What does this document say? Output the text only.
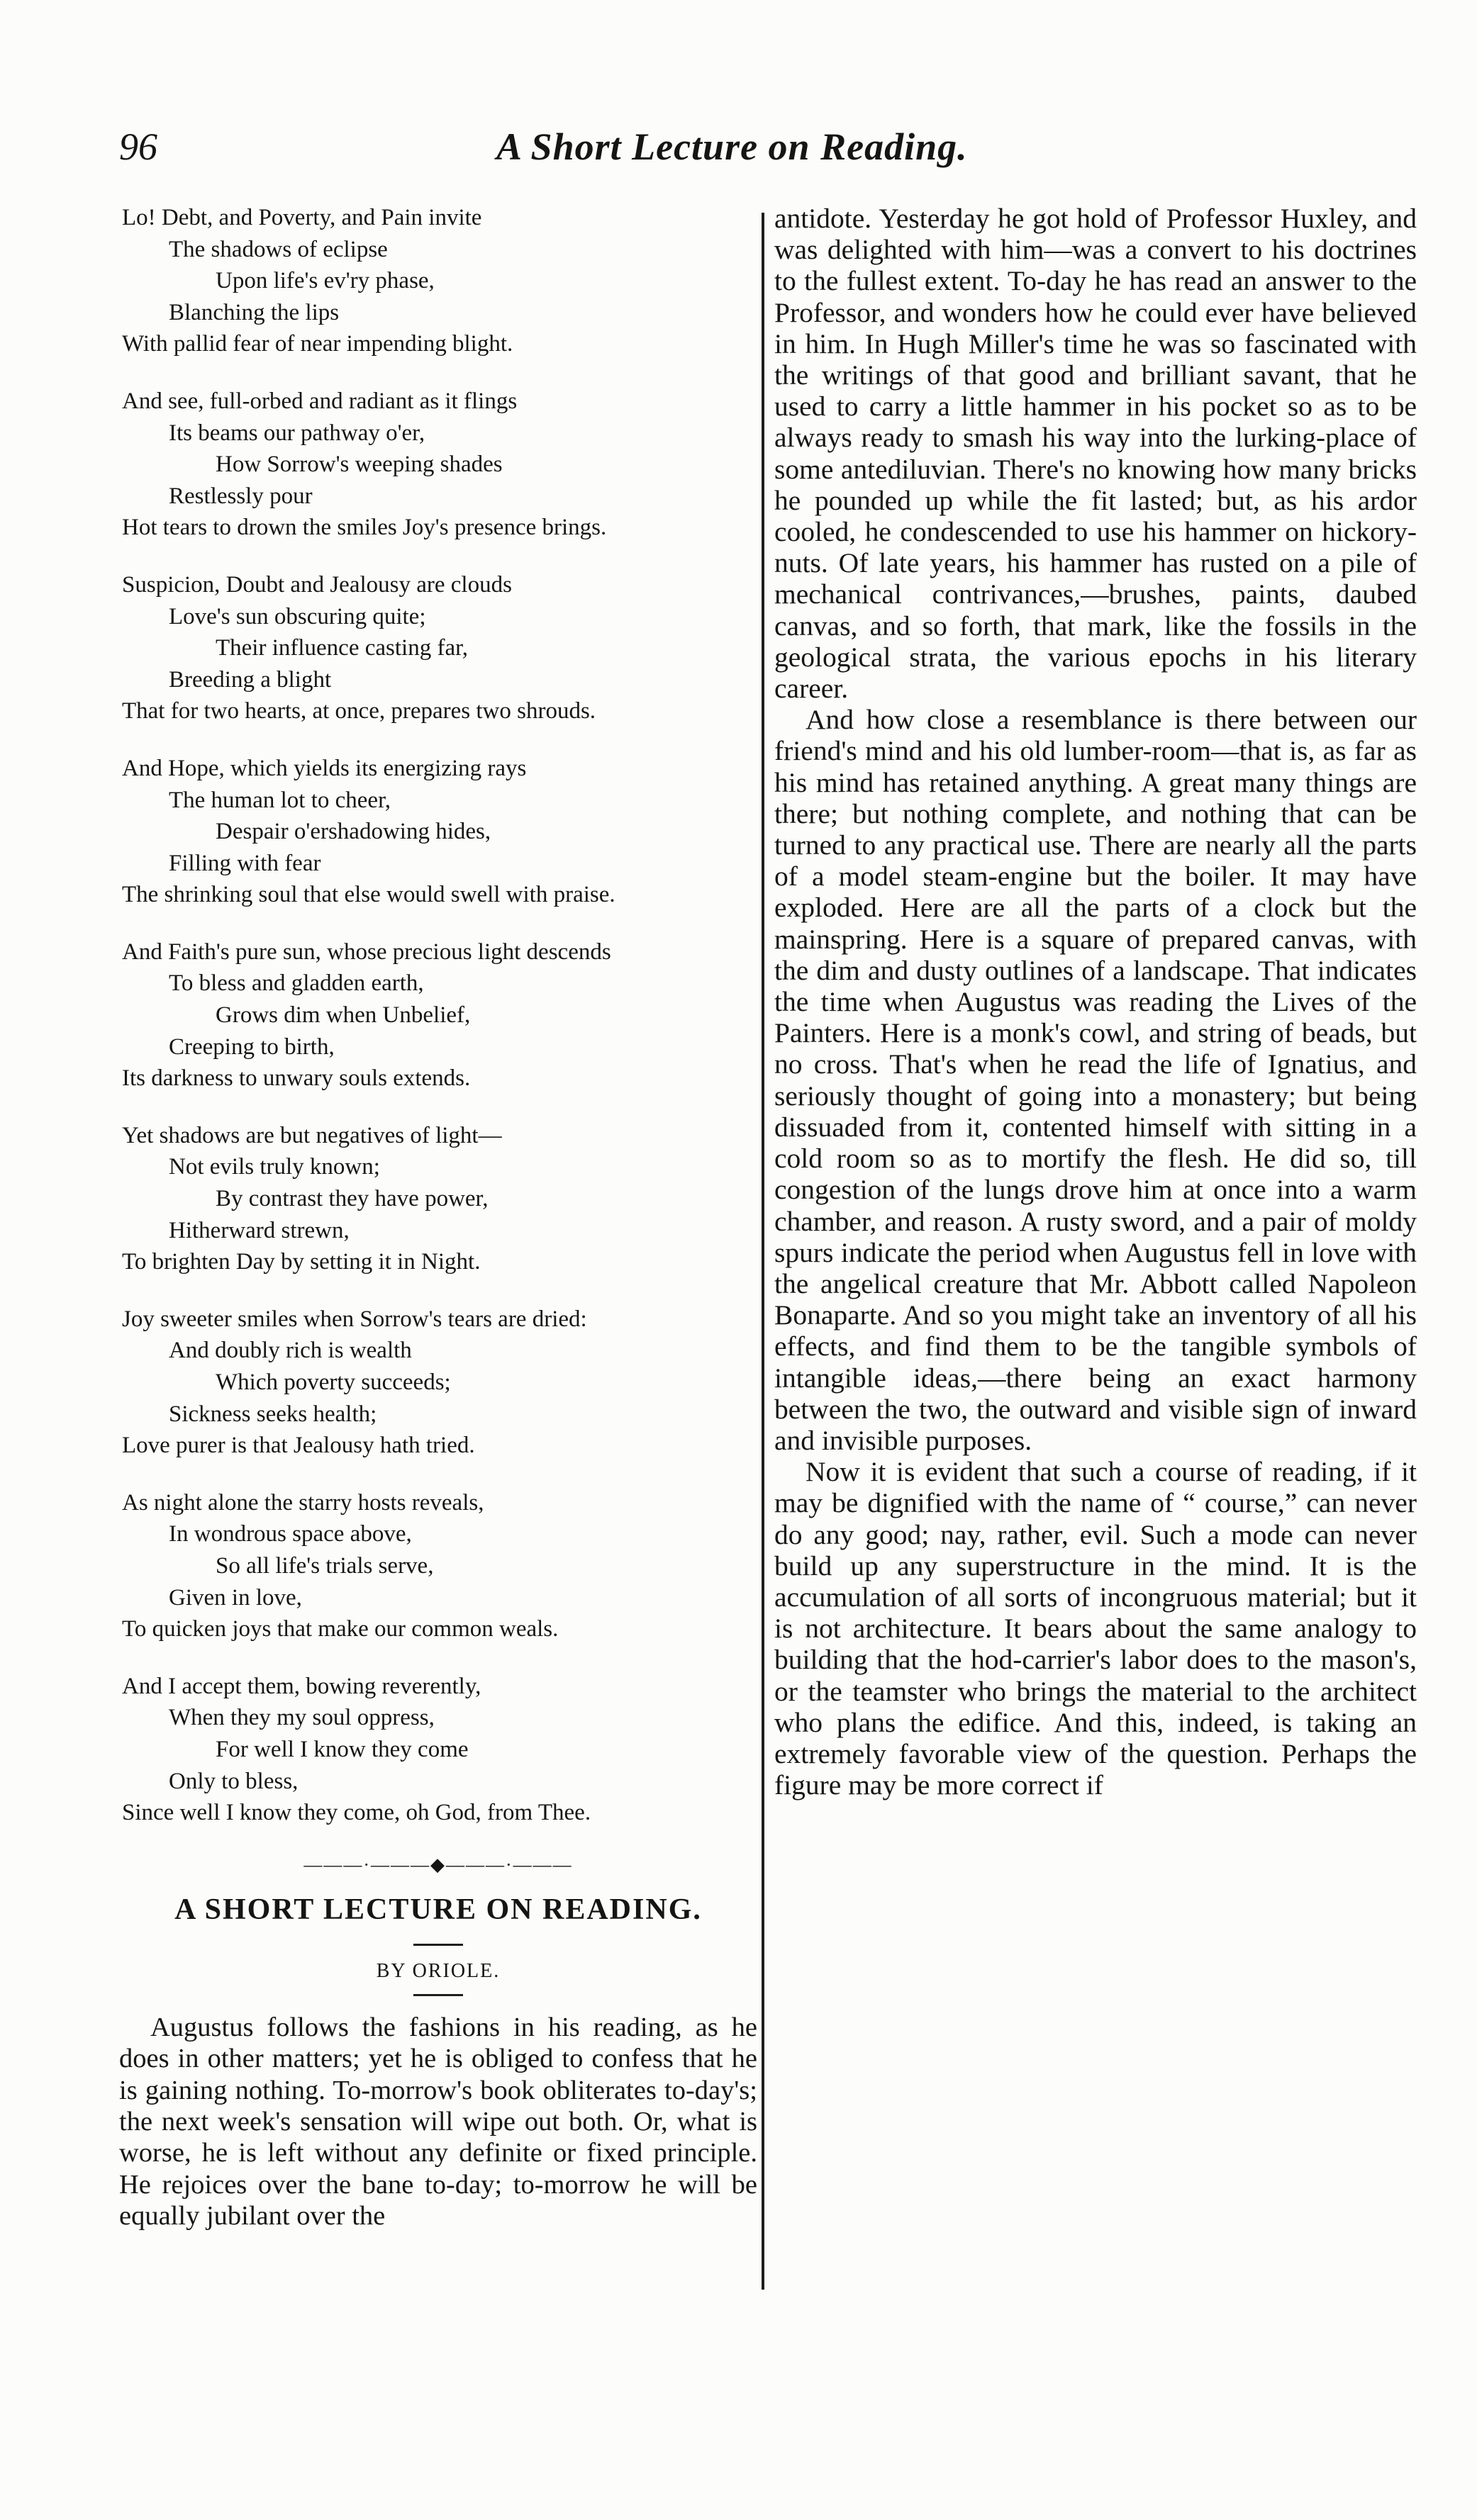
96	A Short Lecture on Reading.
Lo! Debt, and Poverty, and Pain invite
The shadows of eclipse
Upon life's ev'ry phase,
Blanching the lips
With pallid fear of near impending blight.
And see, full-orbed and radiant as it flings
Its beams our pathway o'er,
How Sorrow's weeping shades
Restlessly pour
Hot tears to drown the smiles Joy's presence brings.
Suspicion, Doubt and Jealousy are clouds
Love's sun obscuring quite;
Their influence casting far,
Breeding a blight
That for two hearts, at once, prepares two shrouds.
And Hope, which yields its energizing rays
The human lot to cheer,
Despair o'ershadowing hides,
Filling with fear
The shrinking soul that else would swell with praise.
And Faith's pure sun, whose precious light descends
To bless and gladden earth,
Grows dim when Unbelief,
Creeping to birth,
Its darkness to unwary souls extends.
Yet shadows are but negatives of light—
Not evils truly known;
By contrast they have power,
Hitherward strewn,
To brighten Day by setting it in Night.
Joy sweeter smiles when Sorrow's tears are dried:
And doubly rich is wealth
Which poverty succeeds;
Sickness seeks health;
Love purer is that Jealousy hath tried.
As night alone the starry hosts reveals,
In wondrous space above,
So all life's trials serve,
Given in love,
To quicken joys that make our common weals.
And I accept them, bowing reverently,
When they my soul oppress,
For well I know they come
Only to bless,
Since well I know they come, oh God, from Thee.
———·———◆———·———
A SHORT LECTURE ON READING.
BY ORIOLE.

Augustus follows the fashions in his reading, as he does in other matters; yet he is obliged to confess that he is gaining nothing. To-morrow's book obliterates to-day's; the next week's sensation will wipe out both. Or, what is worse, he is left without any definite or fixed principle. He rejoices over the bane to-day; to-morrow he will be equally jubilant over the

antidote. Yesterday he got hold of Professor Huxley, and was delighted with him—was a convert to his doctrines to the fullest extent. To-day he has read an answer to the Professor, and wonders how he could ever have believed in him. In Hugh Miller's time he was so fascinated with the writings of that good and brilliant savant, that he used to carry a little hammer in his pocket so as to be always ready to smash his way into the lurking-place of some antediluvian. There's no knowing how many bricks he pounded up while the fit lasted; but, as his ardor cooled, he condescended to use his hammer on hickory-nuts. Of late years, his hammer has rusted on a pile of mechanical contrivances,—brushes, paints, daubed canvas, and so forth, that mark, like the fossils in the geological strata, the various epochs in his literary career.

And how close a resemblance is there between our friend's mind and his old lumber-room—that is, as far as his mind has retained anything. A great many things are there; but nothing complete, and nothing that can be turned to any practical use. There are nearly all the parts of a model steam-engine but the boiler. It may have exploded. Here are all the parts of a clock but the mainspring. Here is a square of prepared canvas, with the dim and dusty outlines of a landscape. That indicates the time when Augustus was reading the Lives of the Painters. Here is a monk's cowl, and string of beads, but no cross. That's when he read the life of Ignatius, and seriously thought of going into a monastery; but being dissuaded from it, contented himself with sitting in a cold room so as to mortify the flesh. He did so, till congestion of the lungs drove him at once into a warm chamber, and reason. A rusty sword, and a pair of moldy spurs indicate the period when Augustus fell in love with the angelical creature that Mr. Abbott called Napoleon Bonaparte. And so you might take an inventory of all his effects, and find them to be the tangible symbols of intangible ideas,—there being an exact harmony between the two, the outward and visible sign of inward and invisible purposes.

Now it is evident that such a course of reading, if it may be dignified with the name of “ course,” can never do any good; nay, rather, evil. Such a mode can never build up any superstructure in the mind. It is the accumulation of all sorts of incongruous material; but it is not architecture. It bears about the same analogy to building that the hod-carrier's labor does to the mason's, or the teamster who brings the material to the architect who plans the edifice. And this, indeed, is taking an extremely favorable view of the question. Perhaps the figure may be more correct if
